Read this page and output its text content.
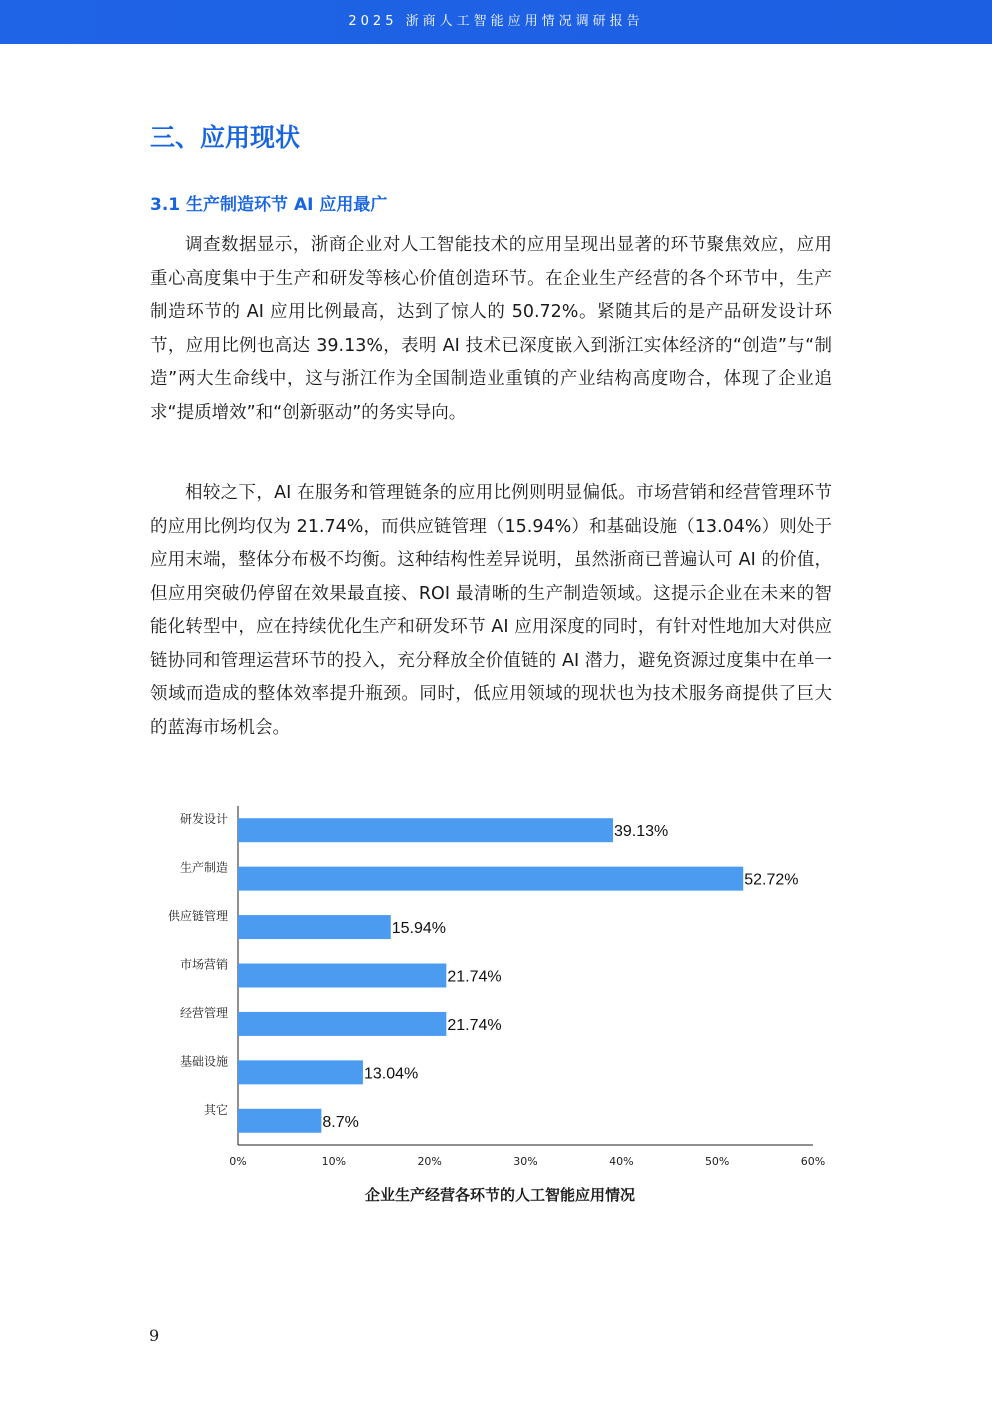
2025 浙商人工智能应用情况调研报告
三、应用现状
3.1 生产制造环节 AI 应用最广

调查数据显示，浙商企业对人工智能技术的应用呈现出显著的环节聚焦效应，应用重心高度集中于生产和研发等核心价值创造环节。在企业生产经营的各个环节中，生产制造环节的 AI 应用比例最高，达到了惊人的 50.72%。紧随其后的是产品研发设计环节，应用比例也高达 39.13%，表明 AI 技术已深度嵌入到浙江实体经济的“创造”与“制造”两大生命线中，这与浙江作为全国制造业重镇的产业结构高度吻合，体现了企业追求“提质增效”和“创新驱动”的务实导向。

相较之下，AI 在服务和管理链条的应用比例则明显偏低。市场营销和经营管理环节的应用比例均仅为 21.74%，而供应链管理（15.94%）和基础设施（13.04%）则处于应用末端，整体分布极不均衡。这种结构性差异说明，虽然浙商已普遍认可 AI 的价值，但应用突破仍停留在效果最直接、ROI 最清晰的生产制造领域。这提示企业在未来的智能化转型中，应在持续优化生产和研发环节 AI 应用深度的同时，有针对性地加大对供应链协同和管理运营环节的投入，充分释放全价值链的 AI 潜力，避免资源过度集中在单一领域而造成的整体效率提升瓶颈。同时，低应用领域的现状也为技术服务商提供了巨大的蓝海市场机会。

研发设计
39.13%
生产制造
52.72%
供应链管理
15.94%
市场营销
21.74%
经营管理
21.74%
基础设施
13.04%
其它
8.7%
0%	10%	20%	30%	40%	50%	60%
企业生产经营各环节的人工智能应用情况
9
